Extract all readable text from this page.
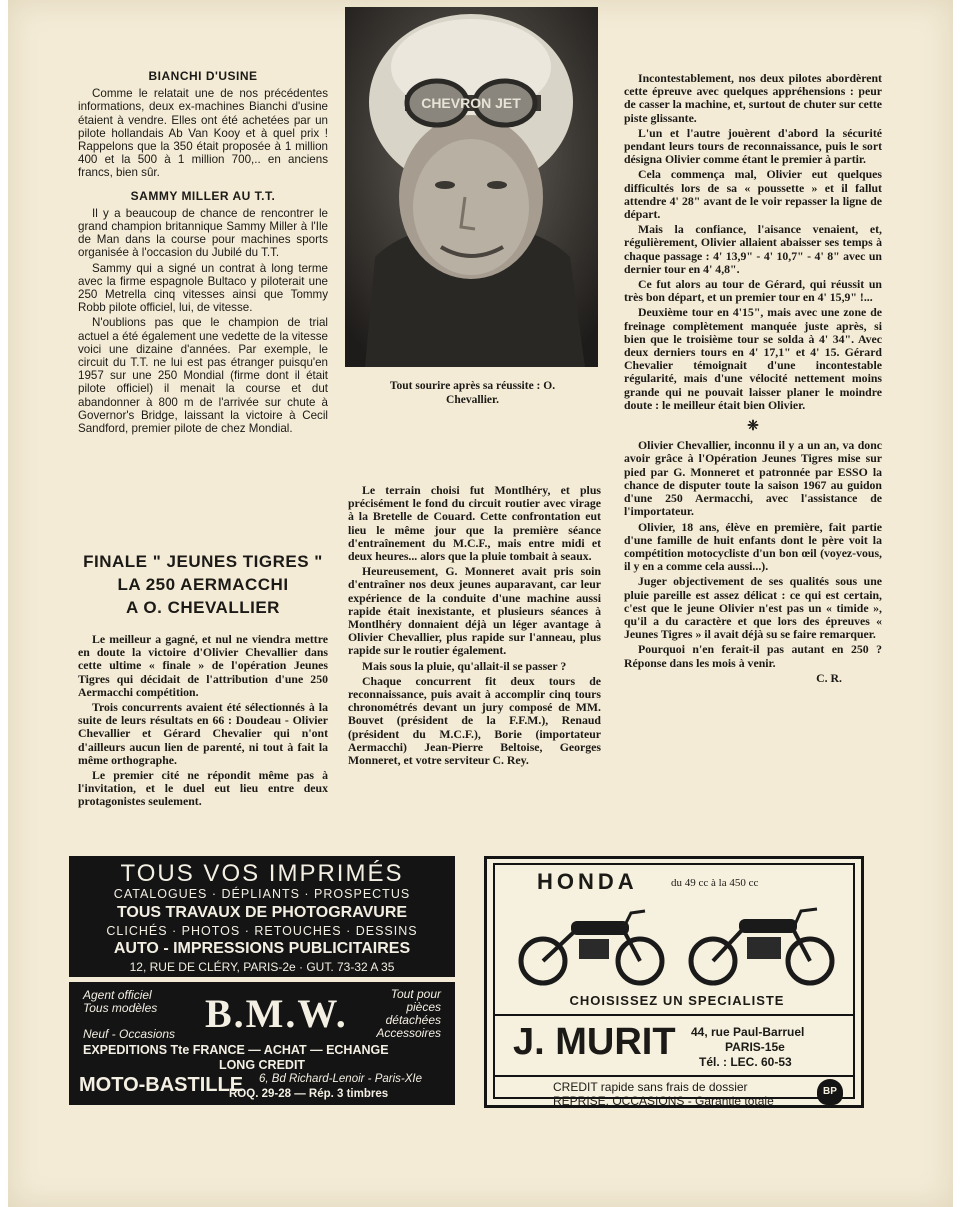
BIANCHI D'USINE

Comme le relatait une de nos précédentes informations, deux ex-machines Bianchi d'usine étaient à vendre. Elles ont été achetées par un pilote hollandais Ab Van Kooy et à quel prix ! Rappelons que la 350 était proposée à 1 million 400 et la 500 à 1 million 700,.. en anciens francs, bien sûr.

SAMMY MILLER AU T.T.

Il y a beaucoup de chance de rencontrer le grand champion britannique Sammy Miller à l'Ile de Man dans la course pour machines sports organisée à l'occasion du Jubilé du T.T.

Sammy qui a signé un contrat à long terme avec la firme espagnole Bultaco y piloterait une 250 Metrella cinq vitesses ainsi que Tommy Robb pilote officiel, lui, de vitesse.

N'oublions pas que le champion de trial actuel a été également une vedette de la vitesse voici une dizaine d'années. Par exemple, le circuit du T.T. ne lui est pas étranger puisqu'en 1957 sur une 250 Mondial (firme dont il était pilote officiel) il menait la course et dut abandonner à 800 m de l'arrivée sur chute à Governor's Bridge, laissant la victoire à Cecil Sandford, premier pilote de chez Mondial.

FINALE " JEUNES TIGRES "
LA 250 AERMACCHI
A O. CHEVALLIER

Le meilleur a gagné, et nul ne viendra mettre en doute la victoire d'Olivier Chevallier dans cette ultime « finale » de l'opération Jeunes Tigres qui décidait de l'attribution d'une 250 Aermacchi compétition.

Trois concurrents avaient été sélectionnés à la suite de leurs résultats en 66 : Doudeau - Olivier Chevallier et Gérard Chevalier qui n'ont d'ailleurs aucun lien de parenté, ni tout à fait la même orthographe.

Le premier cité ne répondit même pas à l'invitation, et le duel eut lieu entre deux protagonistes seulement.

CHEVRON JET
Tout sourire après sa réussite : O. Chevallier.

Le terrain choisi fut Montlhéry, et plus précisément le fond du circuit routier avec virage à la Bretelle de Couard. Cette confrontation eut lieu le même jour que la première séance d'entraînement du M.C.F., mais entre midi et deux heures... alors que la pluie tombait à seaux.

Heureusement, G. Monneret avait pris soin d'entraîner nos deux jeunes auparavant, car leur expérience de la conduite d'une machine aussi rapide était inexistante, et plusieurs séances à Montlhéry donnaient déjà un léger avantage à Olivier Chevallier, plus rapide sur l'anneau, plus rapide sur le routier également.

Mais sous la pluie, qu'allait-il se passer ?

Chaque concurrent fit deux tours de reconnaissance, puis avait à accomplir cinq tours chronométrés devant un jury composé de MM. Bouvet (président de la F.F.M.), Renaud (président du M.C.F.), Borie (importateur Aermacchi) Jean-Pierre Beltoise, Georges Monneret, et votre serviteur C. Rey.

Incontestablement, nos deux pilotes abordèrent cette épreuve avec quelques appréhensions : peur de casser la machine, et, surtout de chuter sur cette piste glissante.

L'un et l'autre jouèrent d'abord la sécurité pendant leurs tours de reconnaissance, puis le sort désigna Olivier comme étant le premier à partir.

Cela commença mal, Olivier eut quelques difficultés lors de sa « poussette » et il fallut attendre 4' 28" avant de le voir repasser la ligne de départ.

Mais la confiance, l'aisance venaient, et, régulièrement, Olivier allaient abaisser ses temps à chaque passage : 4' 13,9" - 4' 10,7" - 4' 8" avec un dernier tour en 4' 4,8".

Ce fut alors au tour de Gérard, qui réussit un très bon départ, et un premier tour en 4' 15,9" !...

Deuxième tour en 4'15", mais avec une zone de freinage complètement manquée juste après, si bien que le troisième tour se solda à 4' 34". Avec deux derniers tours en 4' 17,1" et 4' 15. Gérard Chevalier témoignait d'une incontestable régularité, mais d'une vélocité nettement moins grande qui ne pouvait laisser planer le moindre doute : le meilleur était bien Olivier.

❈

Olivier Chevallier, inconnu il y a un an, va donc avoir grâce à l'Opération Jeunes Tigres mise sur pied par G. Monneret et patronnée par ESSO la chance de disputer toute la saison 1967 au guidon d'une 250 Aermacchi, avec l'assistance de l'importateur.

Olivier, 18 ans, élève en première, fait partie d'une famille de huit enfants dont le père voit la compétition motocycliste d'un bon œil (voyez-vous, il y en a comme cela aussi...).

Juger objectivement de ses qualités sous une pluie pareille est assez délicat : ce qui est certain, c'est que le jeune Olivier n'est pas un « timide », qu'il a du caractère et que lors des épreuves « Jeunes Tigres » il avait déjà su se faire remarquer.

Pourquoi n'en ferait-il pas autant en 250 ? Réponse dans les mois à venir.

C. R.
TOUS VOS IMPRIMÉS
CATALOGUES · DÉPLIANTS · PROSPECTUS
TOUS TRAVAUX DE PHOTOGRAVURE
CLICHÉS · PHOTOS · RETOUCHES · DESSINS
AUTO - IMPRESSIONS PUBLICITAIRES
12, RUE DE CLÉRY, PARIS-2e · GUT. 73-32 A 35
Agent officiel
Tous modèles B.M.W.	Tout pour
pièces
détachées
Accessoires
Neuf - Occasions
EXPEDITIONS Tte FRANCE — ACHAT — ECHANGE
LONG CREDIT
MOTO-BASTILLE 6, Bd Richard-Lenoir - Paris-XIe
ROQ. 29-28 — Rép. 3 timbres
HONDA	du 49 cc à la 450 cc
CHOISISSEZ UN SPECIALISTE
J. MURIT 44, rue Paul-Barruel
PARIS-15e
Tél. : LEC. 60-53
CREDIT rapide sans frais de dossier
REPRISE, OCCASIONS - Garantie totale
BP
